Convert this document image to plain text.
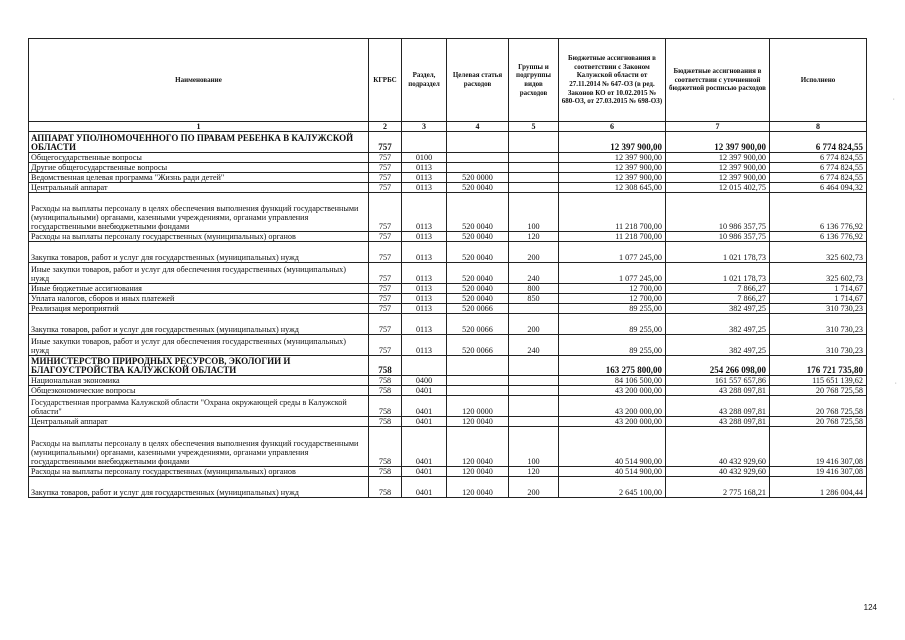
Наименование	КГРБС	Раздел, подраздел	Целевая статья расходов	Группы и подгруппы видов расходов	Бюджетные ассигнования в соответствии с Законом Калужской области от 27.11.2014 № 647-ОЗ (в ред. Законов КО от 10.02.2015 № 680-ОЗ, от 27.03.2015 № 698-ОЗ)	Бюджетные ассигнования в соответствии с уточненной бюджетной росписью расходов	Исполнено
1	2	3	4	5	6	7	8
АППАРАТ УПОЛНОМОЧЕННОГО ПО ПРАВАМ РЕБЕНКА В КАЛУЖСКОЙ ОБЛАСТИ	757				12 397 900,00	12 397 900,00	6 774 824,55
Общегосударственные вопросы	757	0100			12 397 900,00	12 397 900,00	6 774 824,55
Другие общегосударственные вопросы	757	0113			12 397 900,00	12 397 900,00	6 774 824,55
Ведомственная целевая программа "Жизнь ради детей"	757	0113	520 0000		12 397 900,00	12 397 900,00	6 774 824,55
Центральный аппарат	757	0113	520 0040		12 308 645,00	12 015 402,75	6 464 094,32
Расходы на выплаты персоналу в целях обеспечения выполнения функций государственными (муниципальными) органами, казенными учреждениями, органами управления государственными внебюджетными фондами	757	0113	520 0040	100	11 218 700,00	10 986 357,75	6 136 776,92
Расходы на выплаты персоналу государственных (муниципальных) органов	757	0113	520 0040	120	11 218 700,00	10 986 357,75	6 136 776,92
Закупка товаров, работ и услуг для государственных (муниципальных) нужд	757	0113	520 0040	200	1 077 245,00	1 021 178,73	325 602,73
Иные закупки товаров, работ и услуг для обеспечения государственных (муниципальных) нужд	757	0113	520 0040	240	1 077 245,00	1 021 178,73	325 602,73
Иные бюджетные ассигнования	757	0113	520 0040	800	12 700,00	7 866,27	1 714,67
Уплата налогов, сборов и иных платежей	757	0113	520 0040	850	12 700,00	7 866,27	1 714,67
Реализация мероприятий	757	0113	520 0066		89 255,00	382 497,25	310 730,23
Закупка товаров, работ и услуг для государственных (муниципальных) нужд	757	0113	520 0066	200	89 255,00	382 497,25	310 730,23
Иные закупки товаров, работ и услуг для обеспечения государственных (муниципальных) нужд	757	0113	520 0066	240	89 255,00	382 497,25	310 730,23
МИНИСТЕРСТВО ПРИРОДНЫХ РЕСУРСОВ, ЭКОЛОГИИ И БЛАГОУСТРОЙСТВА КАЛУЖСКОЙ ОБЛАСТИ	758				163 275 800,00	254 266 098,00	176 721 735,80
Национальная экономика	758	0400			84 106 500,00	161 557 657,86	115 651 139,62
Общеэкономические вопросы	758	0401			43 200 000,00	43 288 097,81	20 768 725,58
Государственная программа Калужской области "Охрана окружающей среды в Калужской области"	758	0401	120 0000		43 200 000,00	43 288 097,81	20 768 725,58
Центральный аппарат	758	0401	120 0040		43 200 000,00	43 288 097,81	20 768 725,58
Расходы на выплаты персоналу в целях обеспечения выполнения функций государственными (муниципальными) органами, казенными учреждениями, органами управления государственными внебюджетными фондами	758	0401	120 0040	100	40 514 900,00	40 432 929,60	19 416 307,08
Расходы на выплаты персоналу государственных (муниципальных) органов	758	0401	120 0040	120	40 514 900,00	40 432 929,60	19 416 307,08
Закупка товаров, работ и услуг для государственных (муниципальных) нужд	758	0401	120 0040	200	2 645 100,00	2 775 168,21	1 286 004,44
·
·
124
